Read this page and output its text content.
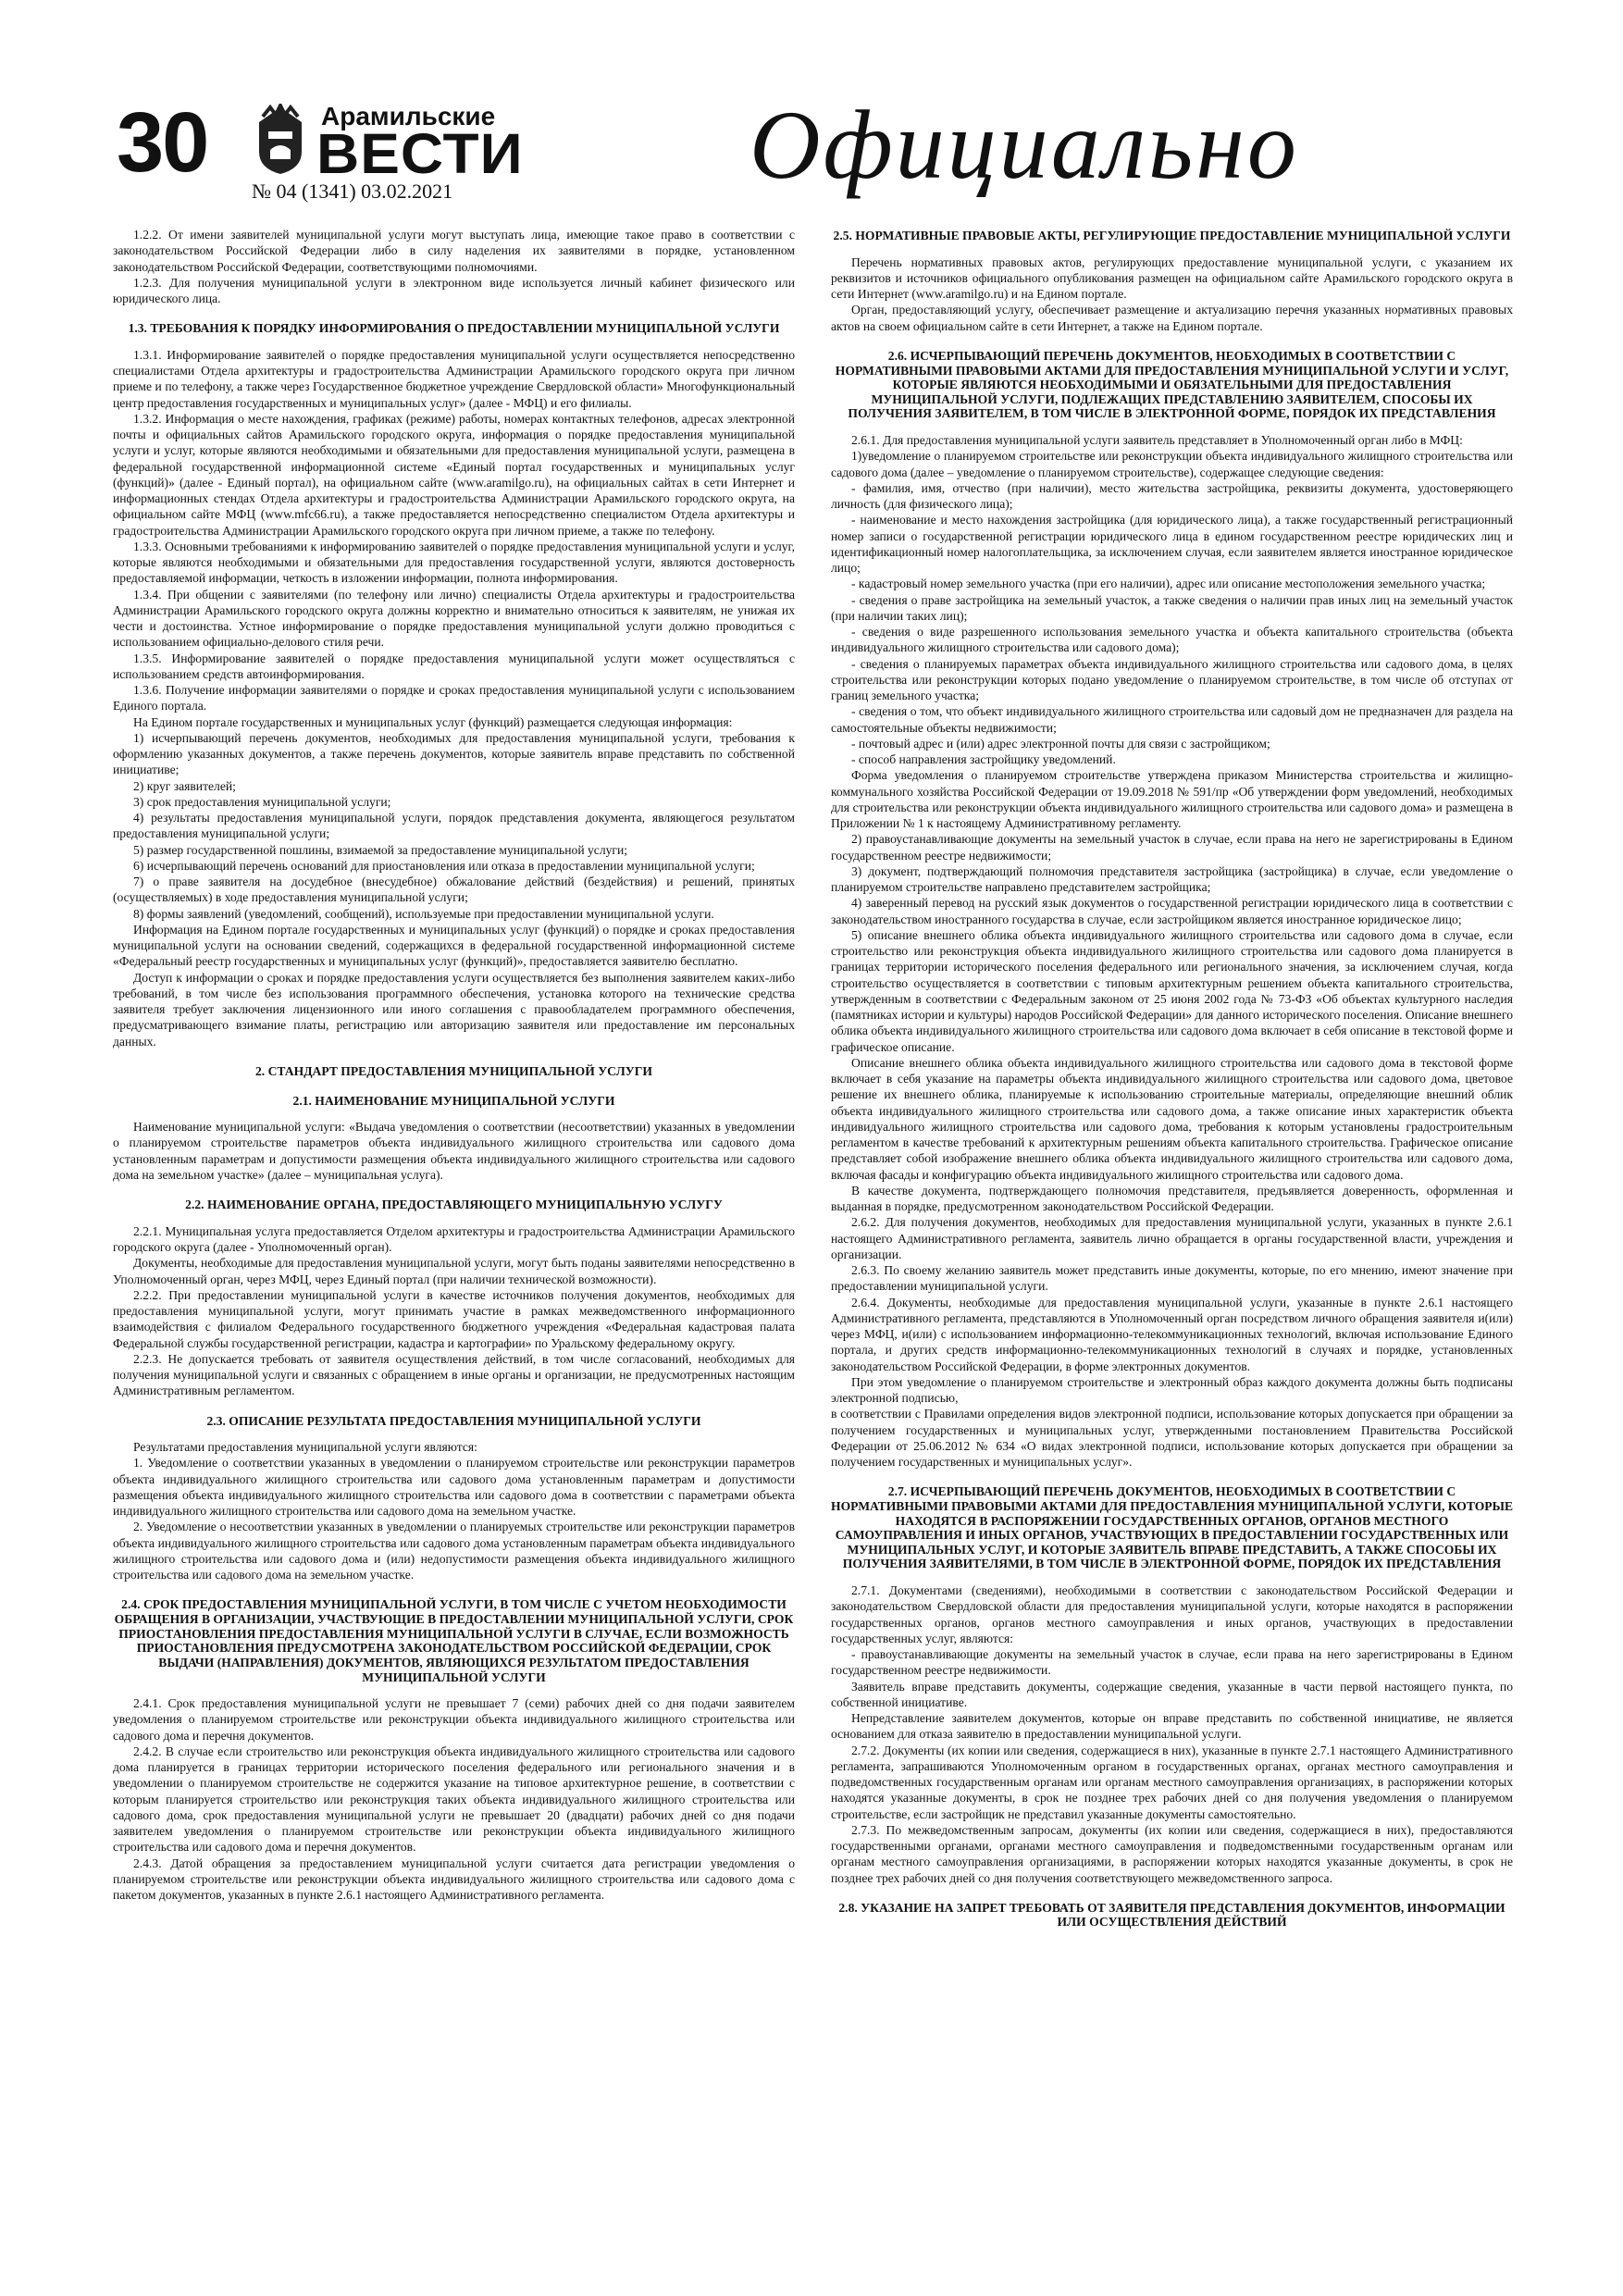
30	Арамильские
ВЕСТИ
№ 04 (1341) 03.02.2021	Официально

1.2.2. От имени заявителей муниципальной услуги могут выступать лица, имеющие такое право в соответствии с законодательством Российской Федерации либо в силу наделения их заявителями в порядке, установленном законодательством Российской Федерации, соответствующими полномочиями.

1.2.3. Для получения муниципальной услуги в электронном виде используется личный кабинет физического или юридического лица.

1.3. ТРЕБОВАНИЯ К ПОРЯДКУ ИНФОРМИРОВАНИЯ О ПРЕДОСТАВЛЕНИИ МУНИЦИПАЛЬНОЙ УСЛУГИ

1.3.1. Информирование заявителей о порядке предоставления муниципальной услуги осуществляется непосредственно специалистами Отдела архитектуры и градостроительства Администрации Арамильского городского округа при личном приеме и по телефону, а также через Государственное бюджетное учреждение Свердловской области» Многофункциональный центр предоставления государственных и муниципальных услуг» (далее - МФЦ) и его филиалы.

1.3.2. Информация о месте нахождения, графиках (режиме) работы, номерах контактных телефонов, адресах электронной почты и официальных сайтов Арамильского городского округа, информация о порядке предоставления муниципальной услуги и услуг, которые являются необходимыми и обязательными для предоставления муниципальной услуги, размещена в федеральной государственной информационной системе «Единый портал государственных и муниципальных услуг (функций)» (далее - Единый портал), на официальном сайте (www.aramilgo.ru), на официальных сайтах в сети Интернет и информационных стендах Отдела архитектуры и градостроительства Администрации Арамильского городского округа, на официальном сайте МФЦ (www.mfc66.ru), а также предоставляется непосредственно специалистом Отдела архитектуры и градостроительства Администрации Арамильского городского округа при личном приеме, а также по телефону.

1.3.3. Основными требованиями к информированию заявителей о порядке предоставления муниципальной услуги и услуг, которые являются необходимыми и обязательными для предоставления государственной услуги, являются достоверность предоставляемой информации, четкость в изложении информации, полнота информирования.

1.3.4. При общении с заявителями (по телефону или лично) специалисты Отдела архитектуры и градостроительства Администрации Арамильского городского округа должны корректно и внимательно относиться к заявителям, не унижая их чести и достоинства. Устное информирование о порядке предоставления муниципальной услуги должно проводиться с использованием официально-делового стиля речи.

1.3.5. Информирование заявителей о порядке предоставления муниципальной услуги может осуществляться с использованием средств автоинформирования.

1.3.6. Получение информации заявителями о порядке и сроках предоставления муниципальной услуги с использованием Единого портала.

На Едином портале государственных и муниципальных услуг (функций) размещается следующая информация:

1) исчерпывающий перечень документов, необходимых для предоставления муниципальной услуги, требования к оформлению указанных документов, а также перечень документов, которые заявитель вправе представить по собственной инициативе;

2) круг заявителей;

3) срок предоставления муниципальной услуги;

4) результаты предоставления муниципальной услуги, порядок представления документа, являющегося результатом предоставления муниципальной услуги;

5) размер государственной пошлины, взимаемой за предоставление муниципальной услуги;

6) исчерпывающий перечень оснований для приостановления или отказа в предоставлении муниципальной услуги;

7) о праве заявителя на досудебное (внесудебное) обжалование действий (бездействия) и решений, принятых (осуществляемых) в ходе предоставления муниципальной услуги;

8) формы заявлений (уведомлений, сообщений), используемые при предоставлении муниципальной услуги.

Информация на Едином портале государственных и муниципальных услуг (функций) о порядке и сроках предоставления муниципальной услуги на основании сведений, содержащихся в федеральной государственной информационной системе «Федеральный реестр государственных и муниципальных услуг (функций)», предоставляется заявителю бесплатно.

Доступ к информации о сроках и порядке предоставления услуги осуществляется без выполнения заявителем каких-либо требований, в том числе без использования программного обеспечения, установка которого на технические средства заявителя требует заключения лицензионного или иного соглашения с правообладателем программного обеспечения, предусматривающего взимание платы, регистрацию или авторизацию заявителя или предоставление им персональных данных.

2. СТАНДАРТ ПРЕДОСТАВЛЕНИЯ МУНИЦИПАЛЬНОЙ УСЛУГИ
2.1. НАИМЕНОВАНИЕ МУНИЦИПАЛЬНОЙ УСЛУГИ

Наименование муниципальной услуги: «Выдача уведомления о соответствии (несоответствии) указанных в уведомлении о планируемом строительстве параметров объекта индивидуального жилищного строительства или садового дома установленным параметрам и допустимости размещения объекта индивидуального жилищного строительства или садового дома на земельном участке» (далее – муниципальная услуга).

2.2. НАИМЕНОВАНИЕ ОРГАНА, ПРЕДОСТАВЛЯЮЩЕГО МУНИЦИПАЛЬНУЮ УСЛУГУ

2.2.1. Муниципальная услуга предоставляется Отделом архитектуры и градостроительства Администрации Арамильского городского округа (далее - Уполномоченный орган).

Документы, необходимые для предоставления муниципальной услуги, могут быть поданы заявителями непосредственно в Уполномоченный орган, через МФЦ, через Единый портал (при наличии технической возможности).

2.2.2. При предоставлении муниципальной услуги в качестве источников получения документов, необходимых для предоставления муниципальной услуги, могут принимать участие в рамках межведомственного информационного взаимодействия с филиалом Федерального государственного бюджетного учреждения «Федеральная кадастровая палата Федеральной службы государственной регистрации, кадастра и картографии» по Уральскому федеральному округу.

2.2.3. Не допускается требовать от заявителя осуществления действий, в том числе согласований, необходимых для получения муниципальной услуги и связанных с обращением в иные органы и организации, не предусмотренных настоящим Административным регламентом.

2.3. ОПИСАНИЕ РЕЗУЛЬТАТА ПРЕДОСТАВЛЕНИЯ МУНИЦИПАЛЬНОЙ УСЛУГИ

Результатами предоставления муниципальной услуги являются:

1. Уведомление о соответствии указанных в уведомлении о планируемом строительстве или реконструкции параметров объекта индивидуального жилищного строительства или садового дома установленным параметрам и допустимости размещения объекта индивидуального жилищного строительства или садового дома в соответствии с параметрами объекта индивидуального жилищного строительства или садового дома на земельном участке.

2. Уведомление о несоответствии указанных в уведомлении о планируемых строительстве или реконструкции параметров объекта индивидуального жилищного строительства или садового дома установленным параметрам объекта индивидуального жилищного строительства или садового дома и (или) недопустимости размещения объекта индивидуального жилищного строительства или садового дома на земельном участке.

2.4. СРОК ПРЕДОСТАВЛЕНИЯ МУНИЦИПАЛЬНОЙ УСЛУГИ, В ТОМ ЧИСЛЕ С УЧЕТОМ НЕОБХОДИМОСТИ ОБРАЩЕНИЯ В ОРГАНИЗАЦИИ, УЧАСТВУЮЩИЕ В ПРЕДОСТАВЛЕНИИ МУНИЦИПАЛЬНОЙ УСЛУГИ, СРОК ПРИОСТАНОВЛЕНИЯ ПРЕДОСТАВЛЕНИЯ МУНИЦИПАЛЬНОЙ УСЛУГИ В СЛУЧАЕ, ЕСЛИ ВОЗМОЖНОСТЬ ПРИОСТАНОВЛЕНИЯ ПРЕДУСМОТРЕНА ЗАКОНОДАТЕЛЬСТВОМ РОССИЙСКОЙ ФЕДЕРАЦИИ, СРОК ВЫДАЧИ (НАПРАВЛЕНИЯ) ДОКУМЕНТОВ, ЯВЛЯЮЩИХСЯ РЕЗУЛЬТАТОМ ПРЕДОСТАВЛЕНИЯ МУНИЦИПАЛЬНОЙ УСЛУГИ

2.4.1. Срок предоставления муниципальной услуги не превышает 7 (семи) рабочих дней со дня подачи заявителем уведомления о планируемом строительстве или реконструкции объекта индивидуального жилищного строительства или садового дома и перечня документов.

2.4.2. В случае если строительство или реконструкция объекта индивидуального жилищного строительства или садового дома планируется в границах территории исторического поселения федерального или регионального значения и в уведомлении о планируемом строительстве не содержится указание на типовое архитектурное решение, в соответствии с которым планируется строительство или реконструкция таких объекта индивидуального жилищного строительства или садового дома, срок предоставления муниципальной услуги не превышает 20 (двадцати) рабочих дней со дня подачи заявителем уведомления о планируемом строительстве или реконструкции объекта индивидуального жилищного строительства или садового дома и перечня документов.

2.4.3. Датой обращения за предоставлением муниципальной услуги считается дата регистрации уведомления о планируемом строительстве или реконструкции объекта индивидуального жилищного строительства или садового дома с пакетом документов, указанных в пункте 2.6.1 настоящего Административного регламента.

2.5. НОРМАТИВНЫЕ ПРАВОВЫЕ АКТЫ, РЕГУЛИРУЮЩИЕ ПРЕДОСТАВЛЕНИЕ МУНИЦИПАЛЬНОЙ УСЛУГИ

Перечень нормативных правовых актов, регулирующих предоставление муниципальной услуги, с указанием их реквизитов и источников официального опубликования размещен на официальном сайте Арамильского городского округа в сети Интернет (www.aramilgo.ru) и на Едином портале.

Орган, предоставляющий услугу, обеспечивает размещение и актуализацию перечня указанных нормативных правовых актов на своем официальном сайте в сети Интернет, а также на Едином портале.

2.6. ИСЧЕРПЫВАЮЩИЙ ПЕРЕЧЕНЬ ДОКУМЕНТОВ, НЕОБХОДИМЫХ В СООТВЕТСТВИИ С НОРМАТИВНЫМИ ПРАВОВЫМИ АКТАМИ ДЛЯ ПРЕДОСТАВЛЕНИЯ МУНИЦИПАЛЬНОЙ УСЛУГИ И УСЛУГ, КОТОРЫЕ ЯВЛЯЮТСЯ НЕОБХОДИМЫМИ И ОБЯЗАТЕЛЬНЫМИ ДЛЯ ПРЕДОСТАВЛЕНИЯ МУНИЦИПАЛЬНОЙ УСЛУГИ, ПОДЛЕЖАЩИХ ПРЕДСТАВЛЕНИЮ ЗАЯВИТЕЛЕМ, СПОСОБЫ ИХ ПОЛУЧЕНИЯ ЗАЯВИТЕЛЕМ, В ТОМ ЧИСЛЕ В ЭЛЕКТРОННОЙ ФОРМЕ, ПОРЯДОК ИХ ПРЕДСТАВЛЕНИЯ

2.6.1. Для предоставления муниципальной услуги заявитель представляет в Уполномоченный орган либо в МФЦ:

1)уведомление о планируемом строительстве или реконструкции объекта индивидуального жилищного строительства или садового дома (далее – уведомление о планируемом строительстве), содержащее следующие сведения:

- фамилия, имя, отчество (при наличии), место жительства застройщика, реквизиты документа, удостоверяющего личность (для физического лица);

- наименование и место нахождения застройщика (для юридического лица), а также государственный регистрационный номер записи о государственной регистрации юридического лица в едином государственном реестре юридических лиц и идентификационный номер налогоплательщика, за исключением случая, если заявителем является иностранное юридическое лицо;

- кадастровый номер земельного участка (при его наличии), адрес или описание местоположения земельного участка;

- сведения о праве застройщика на земельный участок, а также сведения о наличии прав иных лиц на земельный участок (при наличии таких лиц);

- сведения о виде разрешенного использования земельного участка и объекта капитального строительства (объекта индивидуального жилищного строительства или садового дома);

- сведения о планируемых параметрах объекта индивидуального жилищного строительства или садового дома, в целях строительства или реконструкции которых подано уведомление о планируемом строительстве, в том числе об отступах от границ земельного участка;

- сведения о том, что объект индивидуального жилищного строительства или садовый дом не предназначен для раздела на самостоятельные объекты недвижимости;

- почтовый адрес и (или) адрес электронной почты для связи с застройщиком;

- способ направления застройщику уведомлений.

Форма уведомления о планируемом строительстве утверждена приказом Министерства строительства и жилищно-коммунального хозяйства Российской Федерации от 19.09.2018 № 591/пр «Об утверждении форм уведомлений, необходимых для строительства или реконструкции объекта индивидуального жилищного строительства или садового дома» и размещена в Приложении № 1 к настоящему Административному регламенту.

2) правоустанавливающие документы на земельный участок в случае, если права на него не зарегистрированы в Едином государственном реестре недвижимости;

3) документ, подтверждающий полномочия представителя застройщика (застройщика) в случае, если уведомление о планируемом строительстве направлено представителем застройщика;

4) заверенный перевод на русский язык документов о государственной регистрации юридического лица в соответствии с законодательством иностранного государства в случае, если застройщиком является иностранное юридическое лицо;

5) описание внешнего облика объекта индивидуального жилищного строительства или садового дома в случае, если строительство или реконструкция объекта индивидуального жилищного строительства или садового дома планируется в границах территории исторического поселения федерального или регионального значения, за исключением случая, когда строительство осуществляется в соответствии с типовым архитектурным решением объекта капитального строительства, утвержденным в соответствии с Федеральным законом от 25 июня 2002 года № 73-ФЗ «Об объектах культурного наследия (памятниках истории и культуры) народов Российской Федерации» для данного исторического поселения. Описание внешнего облика объекта индивидуального жилищного строительства или садового дома включает в себя описание в текстовой форме и графическое описание.

Описание внешнего облика объекта индивидуального жилищного строительства или садового дома в текстовой форме включает в себя указание на параметры объекта индивидуального жилищного строительства или садового дома, цветовое решение их внешнего облика, планируемые к использованию строительные материалы, определяющие внешний облик объекта индивидуального жилищного строительства или садового дома, а также описание иных характеристик объекта индивидуального жилищного строительства или садового дома, требования к которым установлены градостроительным регламентом в качестве требований к архитектурным решениям объекта капитального строительства. Графическое описание представляет собой изображение внешнего облика объекта индивидуального жилищного строительства или садового дома, включая фасады и конфигурацию объекта индивидуального жилищного строительства или садового дома.

В качестве документа, подтверждающего полномочия представителя, предъявляется доверенность, оформленная и выданная в порядке, предусмотренном законодательством Российской Федерации.

2.6.2. Для получения документов, необходимых для предоставления муниципальной услуги, указанных в пункте 2.6.1 настоящего Административного регламента, заявитель лично обращается в органы государственной власти, учреждения и организации.

2.6.3. По своему желанию заявитель может представить иные документы, которые, по его мнению, имеют значение при предоставлении муниципальной услуги.

2.6.4. Документы, необходимые для предоставления муниципальной услуги, указанные в пункте 2.6.1 настоящего Административного регламента, представляются в Уполномоченный орган посредством личного обращения заявителя и(или) через МФЦ, и(или) с использованием информационно-телекоммуникационных технологий, включая использование Единого портала, и других средств информационно-телекоммуникационных технологий в случаях и порядке, установленных законодательством Российской Федерации, в форме электронных документов.

При этом уведомление о планируемом строительстве и электронный образ каждого документа должны быть подписаны электронной подписью,

в соответствии с Правилами определения видов электронной подписи, использование которых допускается при обращении за получением государственных и муниципальных услуг, утвержденными постановлением Правительства Российской Федерации от 25.06.2012 № 634 «О видах электронной подписи, использование которых допускается при обращении за получением государственных и муниципальных услуг».

2.7. ИСЧЕРПЫВАЮЩИЙ ПЕРЕЧЕНЬ ДОКУМЕНТОВ, НЕОБХОДИМЫХ В СООТВЕТСТВИИ С НОРМАТИВНЫМИ ПРАВОВЫМИ АКТАМИ ДЛЯ ПРЕДОСТАВЛЕНИЯ МУНИЦИПАЛЬНОЙ УСЛУГИ, КОТОРЫЕ НАХОДЯТСЯ В РАСПОРЯЖЕНИИ ГОСУДАРСТВЕННЫХ ОРГАНОВ, ОРГАНОВ МЕСТНОГО САМОУПРАВЛЕНИЯ И ИНЫХ ОРГАНОВ, УЧАСТВУЮЩИХ В ПРЕДОСТАВЛЕНИИ ГОСУДАРСТВЕННЫХ ИЛИ МУНИЦИПАЛЬНЫХ УСЛУГ, И КОТОРЫЕ ЗАЯВИТЕЛЬ ВПРАВЕ ПРЕДСТАВИТЬ, А ТАКЖЕ СПОСОБЫ ИХ ПОЛУЧЕНИЯ ЗАЯВИТЕЛЯМИ, В ТОМ ЧИСЛЕ В ЭЛЕКТРОННОЙ ФОРМЕ, ПОРЯДОК ИХ ПРЕДСТАВЛЕНИЯ

2.7.1. Документами (сведениями), необходимыми в соответствии с законодательством Российской Федерации и законодательством Свердловской области для предоставления муниципальной услуги, которые находятся в распоряжении государственных органов, органов местного самоуправления и иных органов, участвующих в предоставлении государственных услуг, являются:

- правоустанавливающие документы на земельный участок в случае, если права на него зарегистрированы в Едином государственном реестре недвижимости.

Заявитель вправе представить документы, содержащие сведения, указанные в части первой настоящего пункта, по собственной инициативе.

Непредставление заявителем документов, которые он вправе представить по собственной инициативе, не является основанием для отказа заявителю в предоставлении муниципальной услуги.

2.7.2. Документы (их копии или сведения, содержащиеся в них), указанные в пункте 2.7.1 настоящего Административного регламента, запрашиваются Уполномоченным органом в государственных органах, органах местного самоуправления и подведомственных государственным органам или органам местного самоуправления организациях, в распоряжении которых находятся указанные документы, в срок не позднее трех рабочих дней со дня получения уведомления о планируемом строительстве, если застройщик не представил указанные документы самостоятельно.

2.7.3. По межведомственным запросам, документы (их копии или сведения, содержащиеся в них), предоставляются государственными органами, органами местного самоуправления и подведомственными государственным органам или органам местного самоуправления организациями, в распоряжении которых находятся указанные документы, в срок не позднее трех рабочих дней со дня получения соответствующего межведомственного запроса.

2.8. УКАЗАНИЕ НА ЗАПРЕТ ТРЕБОВАТЬ ОТ ЗАЯВИТЕЛЯ ПРЕДСТАВЛЕНИЯ ДОКУМЕНТОВ, ИНФОРМАЦИИ ИЛИ ОСУЩЕСТВЛЕНИЯ ДЕЙСТВИЙ
